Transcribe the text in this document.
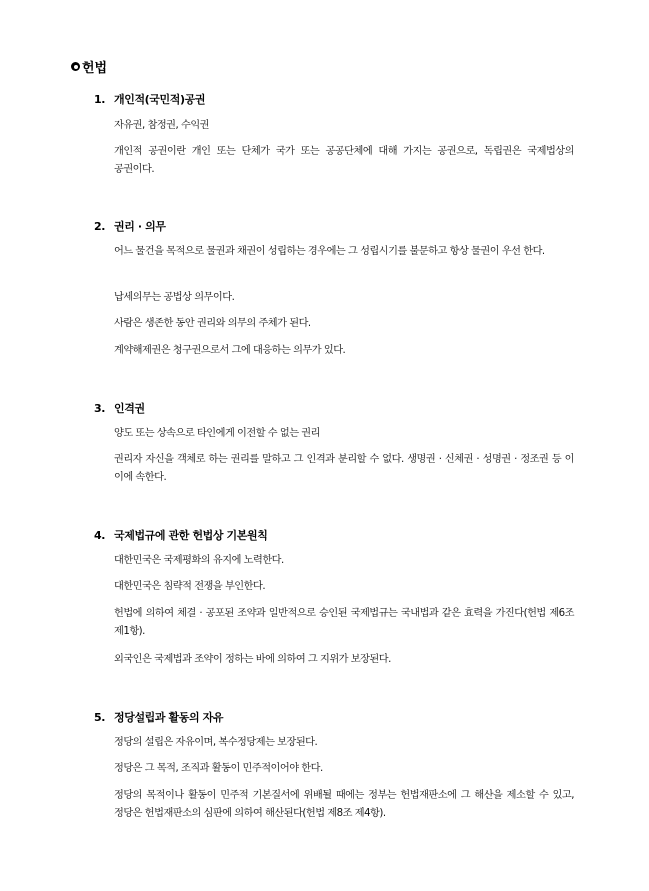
헌법
1. 개인적(국민적)공권
자유권, 참정권, 수익권
개인적 공권이란 개인 또는 단체가 국가 또는 공공단체에 대해 가지는 공권으로, 독립권은 국제법상의 공권이다.
2. 권리 · 의무
어느 물건을 목적으로 물권과 채권이 성립하는 경우에는 그 성립시기를 불문하고 항상 물권이 우선 한다.
납세의무는 공법상 의무이다.
사람은 생존한 동안 권리와 의무의 주체가 된다.
계약해제권은 청구권으로서 그에 대응하는 의무가 있다.
3. 인격권
양도 또는 상속으로 타인에게 이전할 수 없는 권리
권리자 자신을 객체로 하는 권리를 말하고 그 인격과 분리할 수 없다. 생명권 · 신체권 · 성명권 · 정조권 등 이 이에 속한다.
4. 국제법규에 관한 헌법상 기본원칙
대한민국은 국제평화의 유지에 노력한다.
대한민국은 침략적 전쟁을 부인한다.
헌법에 의하여 체결 · 공포된 조약과 일반적으로 승인된 국제법규는 국내법과 같은 효력을 가진다(헌법 제6조 제1항).
외국인은 국제법과 조약이 정하는 바에 의하여 그 지위가 보장된다.
5. 정당설립과 활동의 자유
정당의 설립은 자유이며, 복수정당제는 보장된다.
정당은 그 목적, 조직과 활동이 민주적이어야 한다.
정당의 목적이나 활동이 민주적 기본질서에 위배될 때에는 정부는 헌법재판소에 그 해산을 제소할 수 있고, 정당은 헌법재판소의 심판에 의하여 해산된다(헌법 제8조 제4항).
